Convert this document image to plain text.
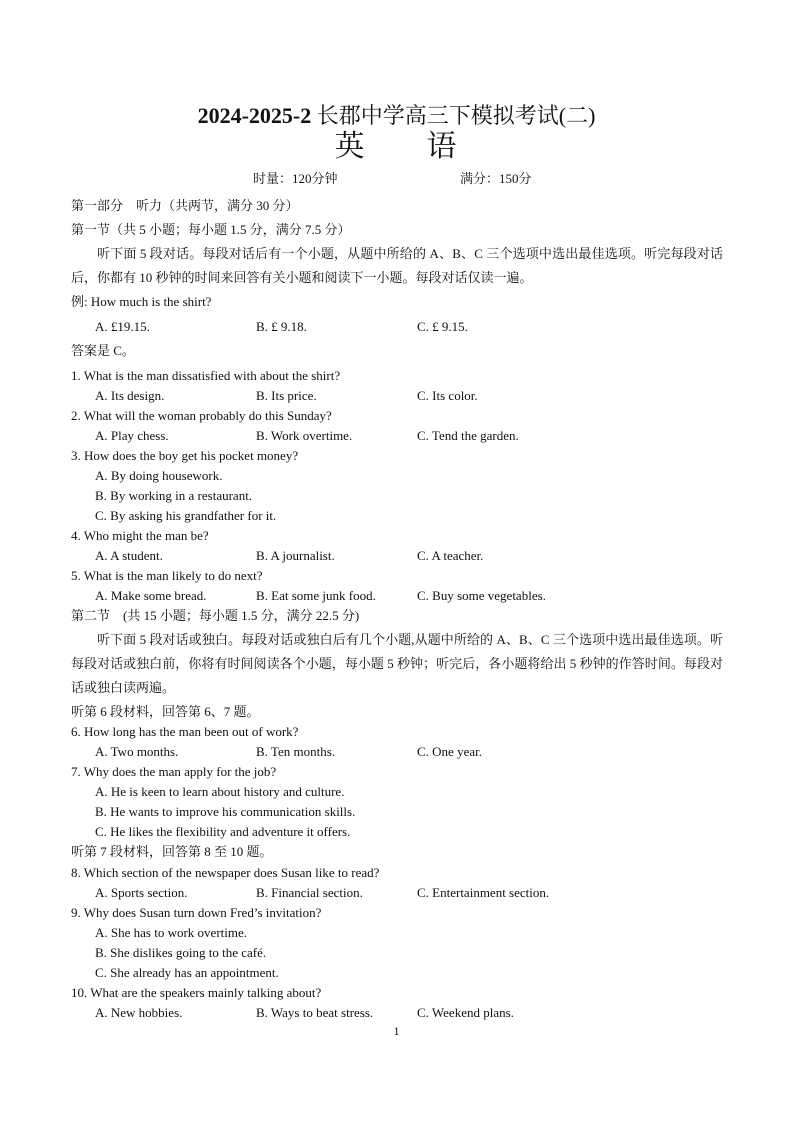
2024-2025-2 长郡中学高三下模拟考试(二)
英 语
时量：120分钟	满分：150分
第一部分　听力（共两节，满分 30 分）
第一节（共 5 小题；每小题 1.5 分，满分 7.5 分）
听下面 5 段对话。每段对话后有一个小题，从题中所给的 A、B、C 三个选项中选出最佳选项。听完每段对话后，你都有 10 秒钟的时间来回答有关小题和阅读下一小题。每段对话仅读一遍。
例: How much is the shirt?
A. £19.15.	B. £ 9.18.	C. £ 9.15.
答案是 C。
1. What is the man dissatisfied with about the shirt?
A. Its design.	B. Its price.	C. Its color.
2. What will the woman probably do this Sunday?
A. Play chess.	B. Work overtime.	C. Tend the garden.
3. How does the boy get his pocket money?
A. By doing housework.
B. By working in a restaurant.
C. By asking his grandfather for it.
4. Who might the man be?
A. A student.	B. A journalist.	C. A teacher.
5. What is the man likely to do next?
A. Make some bread.	B. Eat some junk food.	C. Buy some vegetables.
第二节　(共 15 小题；每小题 1.5 分，满分 22.5 分)
听下面 5 段对话或独白。每段对话或独白后有几个小题,从题中所给的 A、B、C 三个选项中选出最佳选项。听每段对话或独白前，你将有时间阅读各个小题，每小题 5 秒钟；听完后，各小题将给出 5 秒钟的作答时间。每段对话或独白读两遍。
听第 6 段材料，回答第 6、7 题。
6. How long has the man been out of work?
A. Two months.	B. Ten months.	C. One year.
7. Why does the man apply for the job?
A. He is keen to learn about history and culture.
B. He wants to improve his communication skills.
C. He likes the flexibility and adventure it offers.
听第 7 段材料，回答第 8 至 10 题。
8. Which section of the newspaper does Susan like to read?
A. Sports section.	B. Financial section.	C. Entertainment section.
9. Why does Susan turn down Fred’s invitation?
A. She has to work overtime.
B. She dislikes going to the café.
C. She already has an appointment.
10. What are the speakers mainly talking about?
A. New hobbies.	B. Ways to beat stress.	C. Weekend plans.
1
